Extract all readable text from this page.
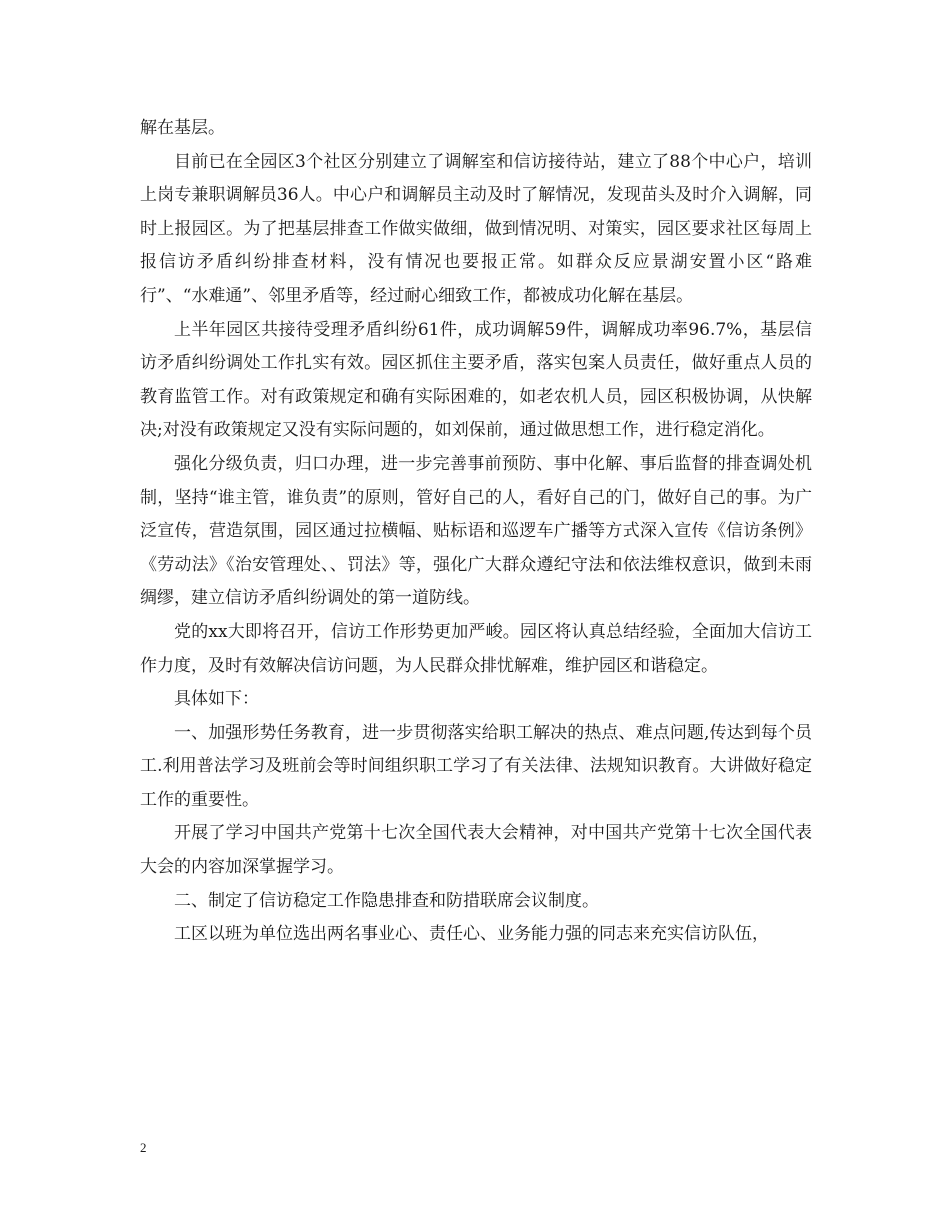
解在基层。

目前已在全园区3个社区分别建立了调解室和信访接待站，建立了88个中心户，培训上岗专兼职调解员36人。中心户和调解员主动及时了解情况，发现苗头及时介入调解，同时上报园区。为了把基层排查工作做实做细，做到情况明、对策实，园区要求社区每周上报信访矛盾纠纷排查材料，没有情况也要报正常。如群众反应景湖安置小区“路难行”、“水难通”、邻里矛盾等，经过耐心细致工作，都被成功化解在基层。

上半年园区共接待受理矛盾纠纷61件，成功调解59件，调解成功率96.7%，基层信访矛盾纠纷调处工作扎实有效。园区抓住主要矛盾，落实包案人员责任，做好重点人员的教育监管工作。对有政策规定和确有实际困难的，如老农机人员，园区积极协调，从快解决;对没有政策规定又没有实际问题的，如刘保前，通过做思想工作，进行稳定消化。

强化分级负责，归口办理，进一步完善事前预防、事中化解、事后监督的排查调处机制，坚持“谁主管，谁负责”的原则，管好自己的人，看好自己的门，做好自己的事。为广泛宣传，营造氛围，园区通过拉横幅、贴标语和巡逻车广播等方式深入宣传《信访条例》《劳动法》《治安管理处、、罚法》等，强化广大群众遵纪守法和依法维权意识，做到未雨绸缪，建立信访矛盾纠纷调处的第一道防线。

党的xx大即将召开，信访工作形势更加严峻。园区将认真总结经验，全面加大信访工作力度，及时有效解决信访问题，为人民群众排忧解难，维护园区和谐稳定。

具体如下：

一、加强形势任务教育，进一步贯彻落实给职工解决的热点、难点问题,传达到每个员工.利用普法学习及班前会等时间组织职工学习了有关法律、法规知识教育。大讲做好稳定工作的重要性。

开展了学习中国共产党第十七次全国代表大会精神，对中国共产党第十七次全国代表大会的内容加深掌握学习。

二、制定了信访稳定工作隐患排查和防措联席会议制度。

工区以班为单位选出两名事业心、责任心、业务能力强的同志来充实信访队伍，

2
